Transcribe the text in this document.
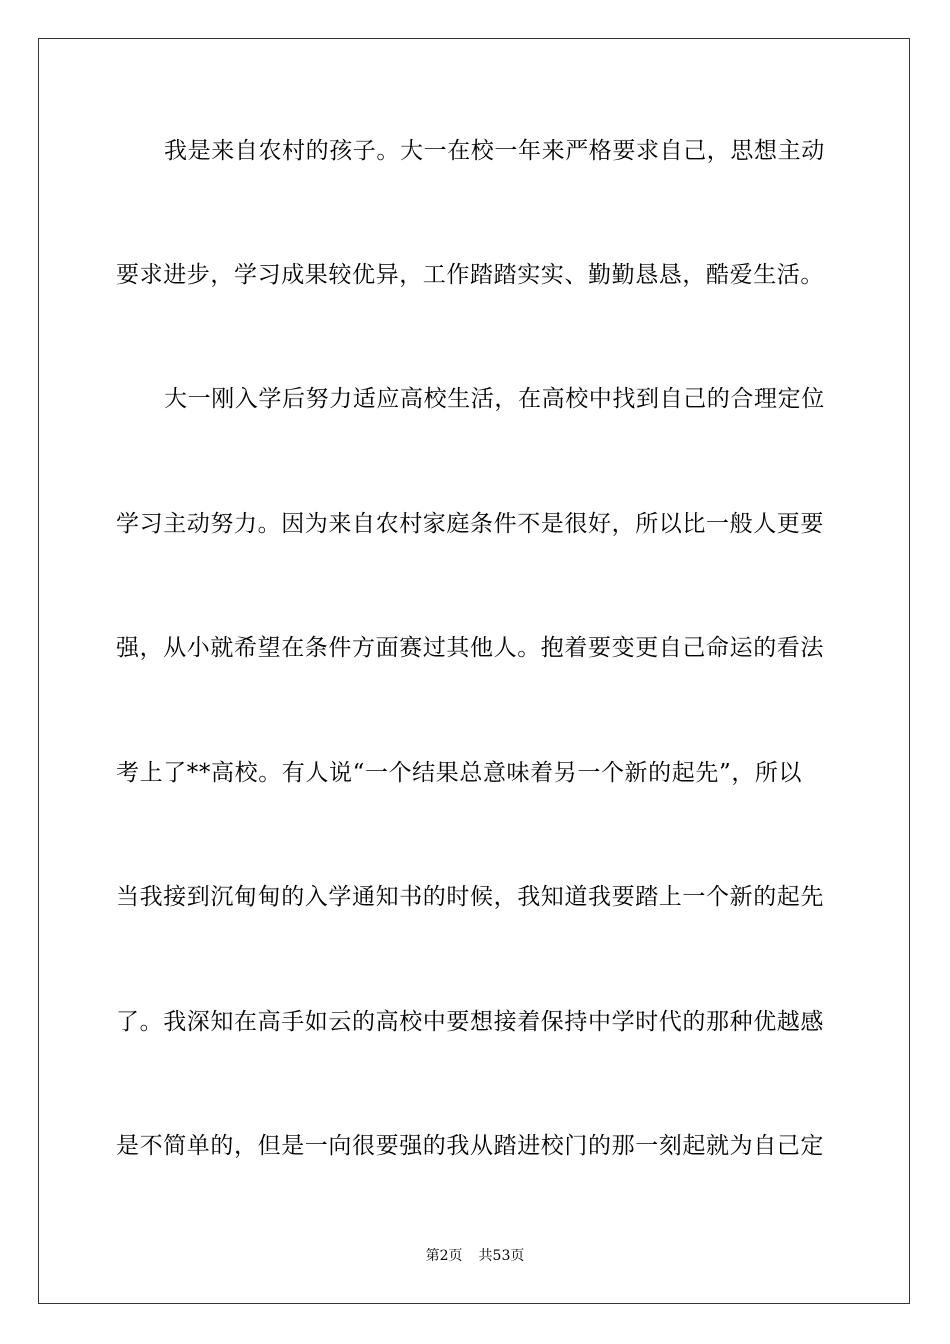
我是来自农村的孩子。大一在校一年来严格要求自己，思想主动
要求进步，学习成果较优异，工作踏踏实实、勤勤恳恳，酷爱生活。
大一刚入学后努力适应高校生活，在高校中找到自己的合理定位
学习主动努力。因为来自农村家庭条件不是很好，所以比一般人更要
强，从小就希望在条件方面赛过其他人。抱着要变更自己命运的看法
考上了**高校。有人说“一个结果总意味着另一个新的起先”，所以
当我接到沉甸甸的入学通知书的时候，我知道我要踏上一个新的起先
了。我深知在高手如云的高校中要想接着保持中学时代的那种优越感
是不简单的，但是一向很要强的我从踏进校门的那一刻起就为自己定
第2页 共53页
